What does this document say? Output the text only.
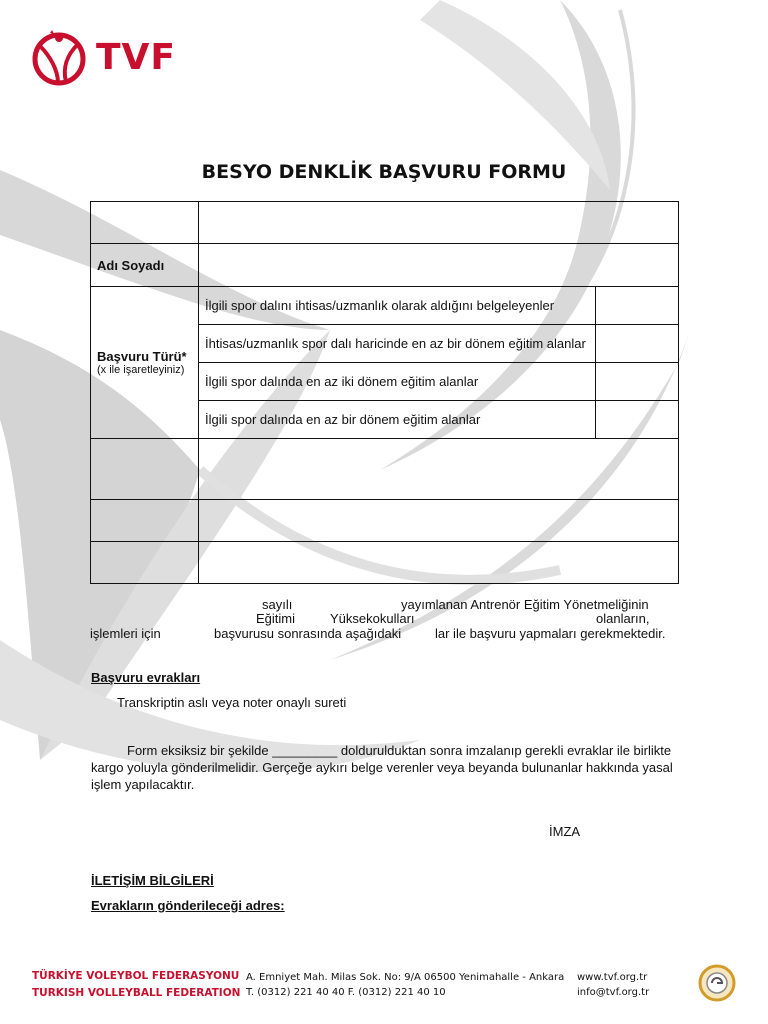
TVF
BESYO DENKLİK BAŞVURU FORMU

Adı Soyadı		

Başvuru Türü*
(x ile işaretleyiniz)	İlgili spor dalını ihtisas/uzmanlık olarak aldığını belgeleyenler	
	İhtisas/uzmanlık spor dalı haricinde en az bir dönem eğitim alanlar	
	İlgili spor dalında en az iki dönem eğitim alanlar	
	İlgili spor dalında en az bir dönem eğitim alanlar	

sayılı	yayımlanan Antrenör Eğitim Yönetmeliğinin
Eğitimi	Yüksekokulları	olanların,
işlemleri için	başvurusu sonrasında aşağıdaki	lar ile başvuru yapmaları gerekmektedir.
Başvuru evrakları
Transkriptin aslı veya noter onaylı sureti
Form eksiksiz bir şekilde _________ doldurulduktan sonra imzalanıp gerekli evraklar ile birlikte
kargo yoluyla gönderilmelidir. Gerçeğe aykırı belge verenler veya beyanda bulunanlar hakkında yasal
işlem yapılacaktır.
İMZA
İLETİŞİM BİLGİLERİ
Evrakların gönderileceği adres:
TÜRKİYE VOLEYBOL FEDERASYONU
TURKISH VOLLEYBALL FEDERATION
A. Emniyet Mah. Milas Sok. No: 9/A 06500 Yenimahalle - Ankara
T. (0312) 221 40 40 F. (0312) 221 40 10
www.tvf.org.tr
info@tvf.org.tr
